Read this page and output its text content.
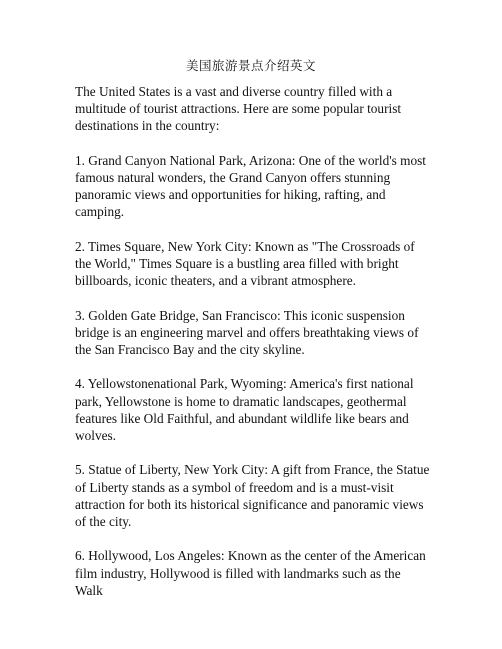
美国旅游景点介绍英文

The United States is a vast and diverse country filled with a multitude of tourist attractions. Here are some popular tourist destinations in the country:

1. Grand Canyon National Park, Arizona: One of the world's most famous natural wonders, the Grand Canyon offers stunning panoramic views and opportunities for hiking, rafting, and camping.

2. Times Square, New York City: Known as "The Crossroads of the World," Times Square is a bustling area filled with bright billboards, iconic theaters, and a vibrant atmosphere.

3. Golden Gate Bridge, San Francisco: This iconic suspension bridge is an engineering marvel and offers breathtaking views of the San Francisco Bay and the city skyline.

4. Yellowstonenational Park, Wyoming: America's first national park, Yellowstone is home to dramatic landscapes, geothermal features like Old Faithful, and abundant wildlife like bears and wolves.

5. Statue of Liberty, New York City: A gift from France, the Statue of Liberty stands as a symbol of freedom and is a must-visit attraction for both its historical significance and panoramic views of the city.

6. Hollywood, Los Angeles: Known as the center of the American film industry, Hollywood is filled with landmarks such as the Walk
